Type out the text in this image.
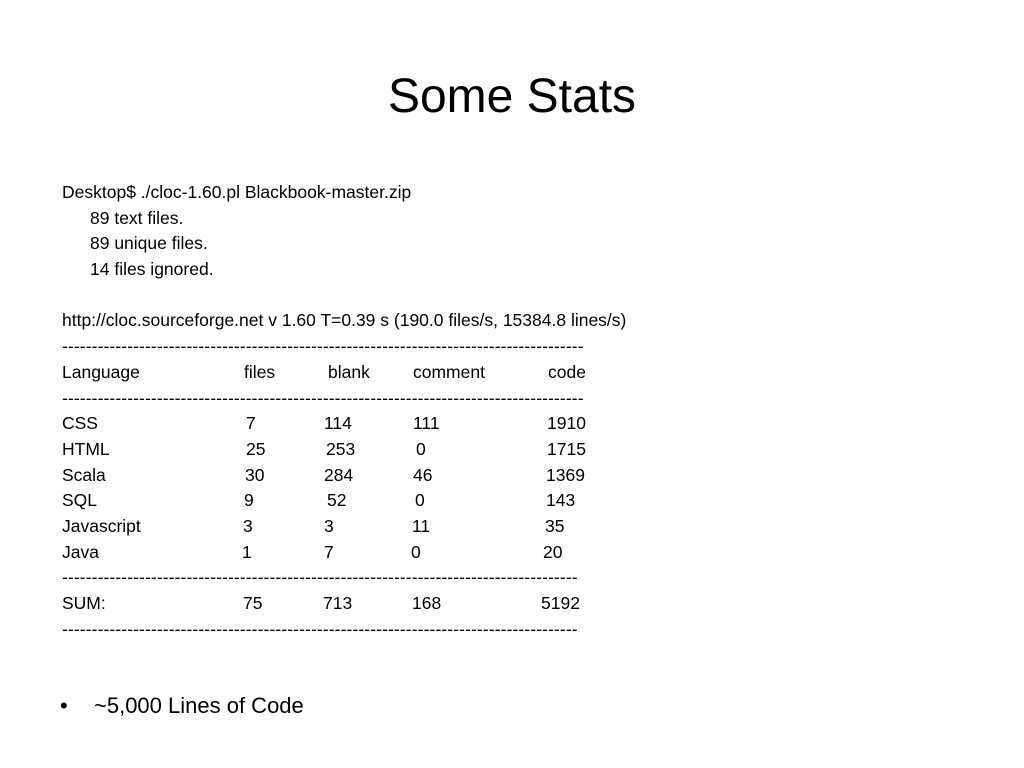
Some Stats
Desktop$ ./cloc-1.60.pl Blackbook-master.zip
89 text files.
89 unique files.
14 files ignored.
http://cloc.sourceforge.net v 1.60 T=0.39 s (190.0 files/s, 15384.8 lines/s)
----------------------------------------------------------------------------------------
Language	files	blank comment	code
----------------------------------------------------------------------------------------
CSS	7	114	111	1910
HTML	25	253	0	1715
Scala	30	284	46	1369
SQL	9	52	0	143
Javascript	3	3	11	35
Java	1	7	0	20
---------------------------------------------------------------------------------------
SUM:	75	713	168	5192
---------------------------------------------------------------------------------------
• ~5,000 Lines of Code
